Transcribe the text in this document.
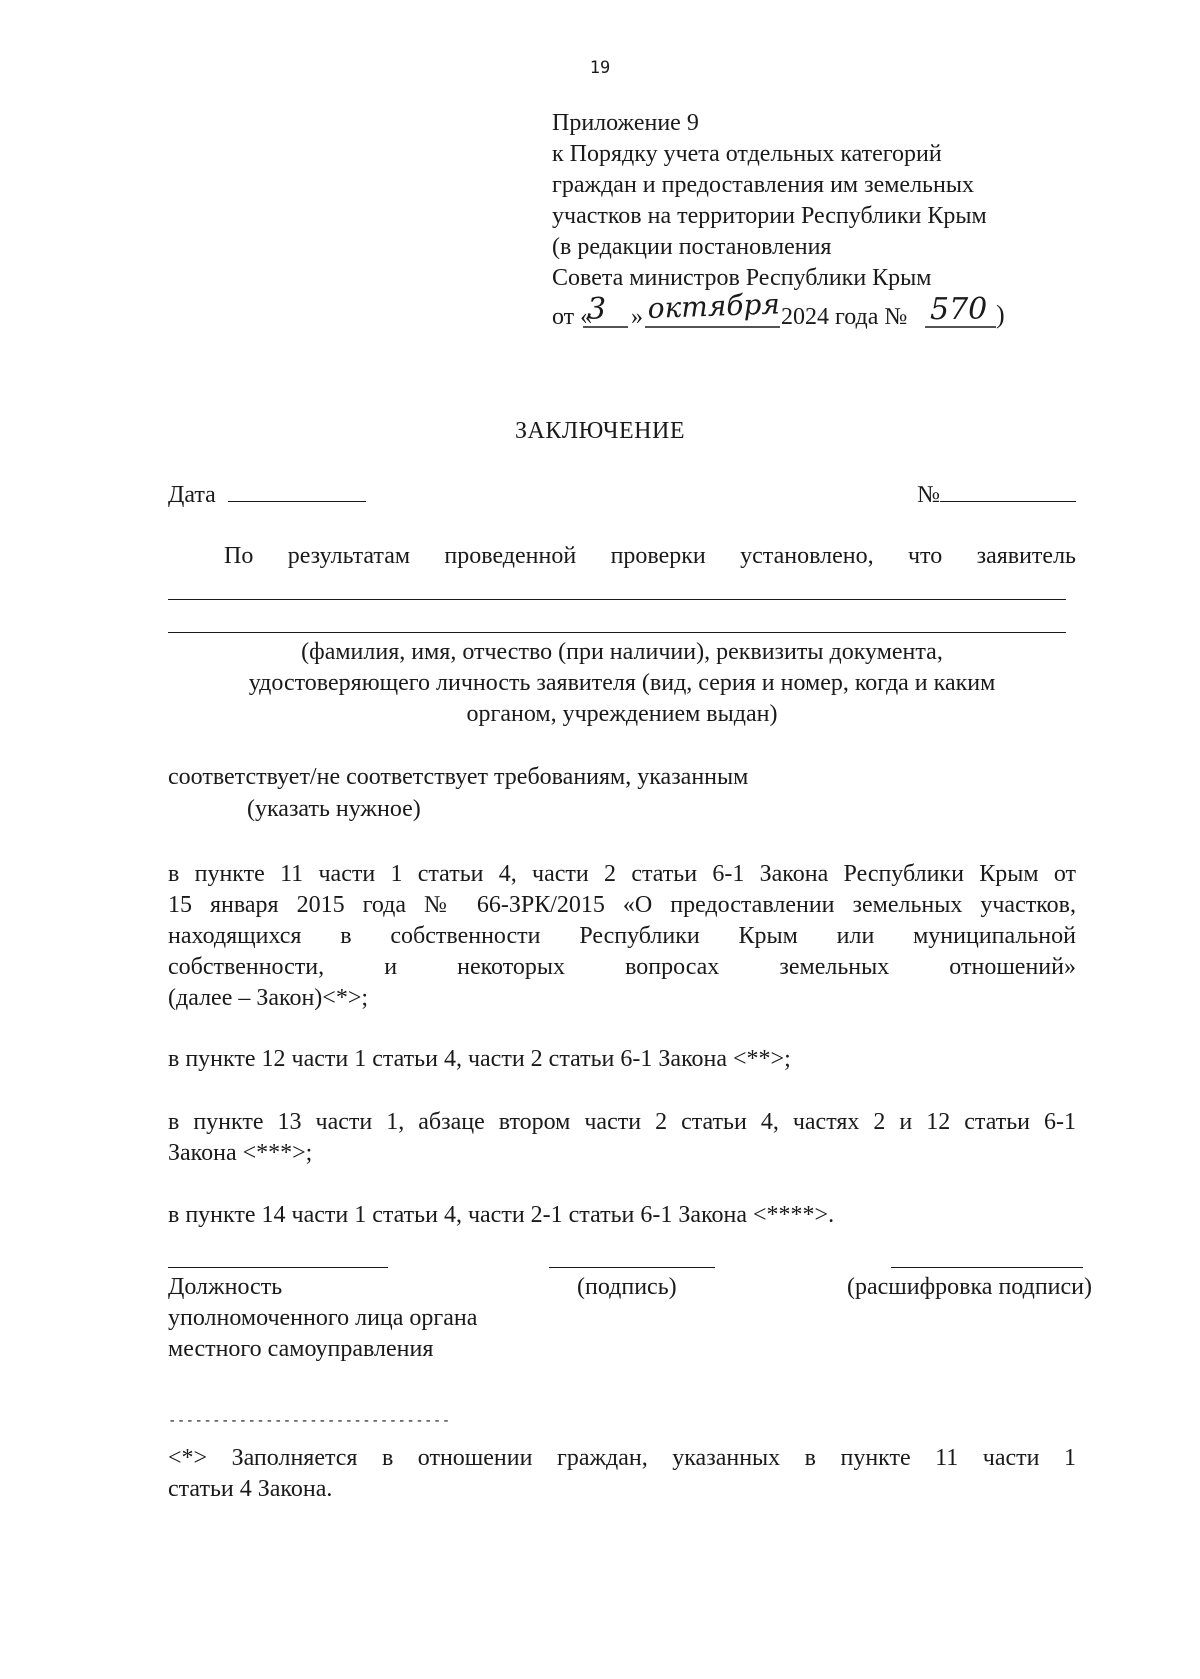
19
Приложение 9
к Порядку учета отдельных категорий
граждан и предоставления им земельных
участков на территории Республики Крым
(в редакции постановления
Совета министров Республики Крым
от «
3 » октября 2024 года № 570 )
ЗАКЛЮЧЕНИЕ
Дата	№
По результатам проведенной проверки установлено, что заявитель
(фамилия, имя, отчество (при наличии), реквизиты документа,
удостоверяющего личность заявителя (вид, серия и номер, когда и каким
органом, учреждением выдан)
соответствует/не соответствует требованиям, указанным
(указать нужное)
в пункте 11 части 1 статьи 4, части 2 статьи 6-1 Закона Республики Крым от
15 января 2015 года № 66-ЗРК/2015 «О предоставлении земельных участков,
находящихся в собственности Республики Крым или муниципальной
собственности, и некоторых вопросах земельных отношений»
(далее – Закон)<*>;
в пункте 12 части 1 статьи 4, части 2 статьи 6-1 Закона <**>;
в пункте 13 части 1, абзаце втором части 2 статьи 4, частях 2 и 12 статьи 6-1
Закона <***>;
в пункте 14 части 1 статьи 4, части 2-1 статьи 6-1 Закона <****>.
Должность
уполномоченного лица органа
местного самоуправления
(подпись)	(расшифровка подписи)
--------------------------------
<*> Заполняется в отношении граждан, указанных в пункте 11 части 1
статьи 4 Закона.
